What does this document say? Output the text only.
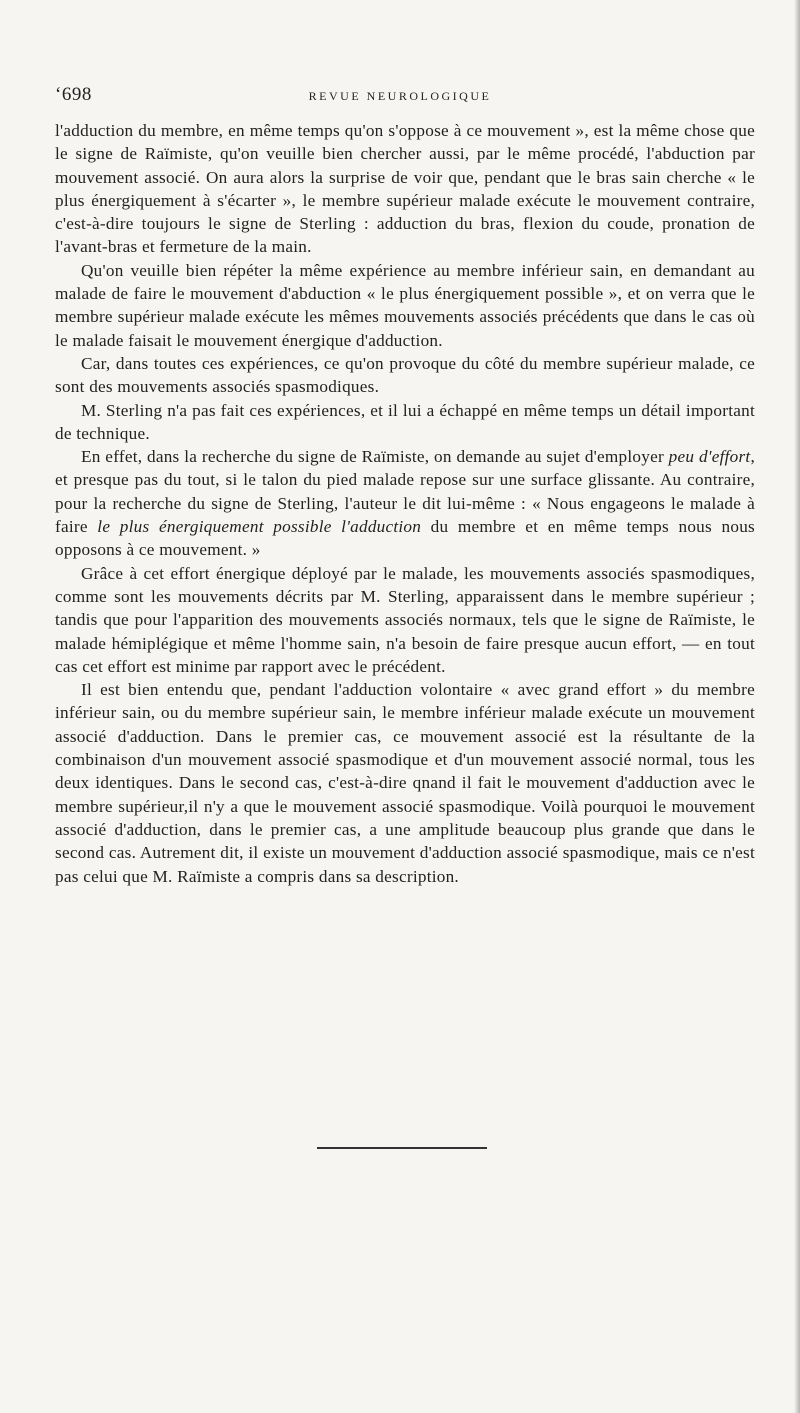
‘698	REVUE NEUROLOGIQUE

l'adduction du membre, en même temps qu'on s'oppose à ce mouvement », est la même chose que le signe de Raïmiste, qu'on veuille bien chercher aussi, par le même procédé, l'abduction par mouvement associé. On aura alors la surprise de voir que, pendant que le bras sain cherche « le plus énergiquement à s'écarter », le membre supérieur malade exécute le mouvement contraire, c'est-à-dire toujours le signe de Sterling : adduction du bras, flexion du coude, pronation de l'avant-bras et fermeture de la main.

Qu'on veuille bien répéter la même expérience au membre inférieur sain, en demandant au malade de faire le mouvement d'abduction « le plus énergiquement possible », et on verra que le membre supérieur malade exécute les mêmes mouvements associés précédents que dans le cas où le malade faisait le mouvement énergique d'adduction.

Car, dans toutes ces expériences, ce qu'on provoque du côté du membre supérieur malade, ce sont des mouvements associés spasmodiques.

M. Sterling n'a pas fait ces expériences, et il lui a échappé en même temps un détail important de technique.

En effet, dans la recherche du signe de Raïmiste, on demande au sujet d'employer peu d'effort, et presque pas du tout, si le talon du pied malade repose sur une surface glissante. Au contraire, pour la recherche du signe de Sterling, l'auteur le dit lui-même : « Nous engageons le malade à faire le plus énergiquement possible l'adduction du membre et en même temps nous nous opposons à ce mouvement. »

Grâce à cet effort énergique déployé par le malade, les mouvements associés spasmodiques, comme sont les mouvements décrits par M. Sterling, apparaissent dans le membre supérieur ; tandis que pour l'apparition des mouvements associés normaux, tels que le signe de Raïmiste, le malade hémiplégique et même l'homme sain, n'a besoin de faire presque aucun effort, — en tout cas cet effort est minime par rapport avec le précédent.

Il est bien entendu que, pendant l'adduction volontaire « avec grand effort » du membre inférieur sain, ou du membre supérieur sain, le membre inférieur malade exécute un mouvement associé d'adduction. Dans le premier cas, ce mouvement associé est la résultante de la combinaison d'un mouvement associé spasmodique et d'un mouvement associé normal, tous les deux identiques. Dans le second cas, c'est-à-dire qnand il fait le mouvement d'adduction avec le membre supérieur,il n'y a que le mouvement associé spasmodique. Voilà pourquoi le mouvement associé d'adduction, dans le premier cas, a une amplitude beaucoup plus grande que dans le second cas. Autrement dit, il existe un mouvement d'adduction associé spasmodique, mais ce n'est pas celui que M. Raïmiste a compris dans sa description.
